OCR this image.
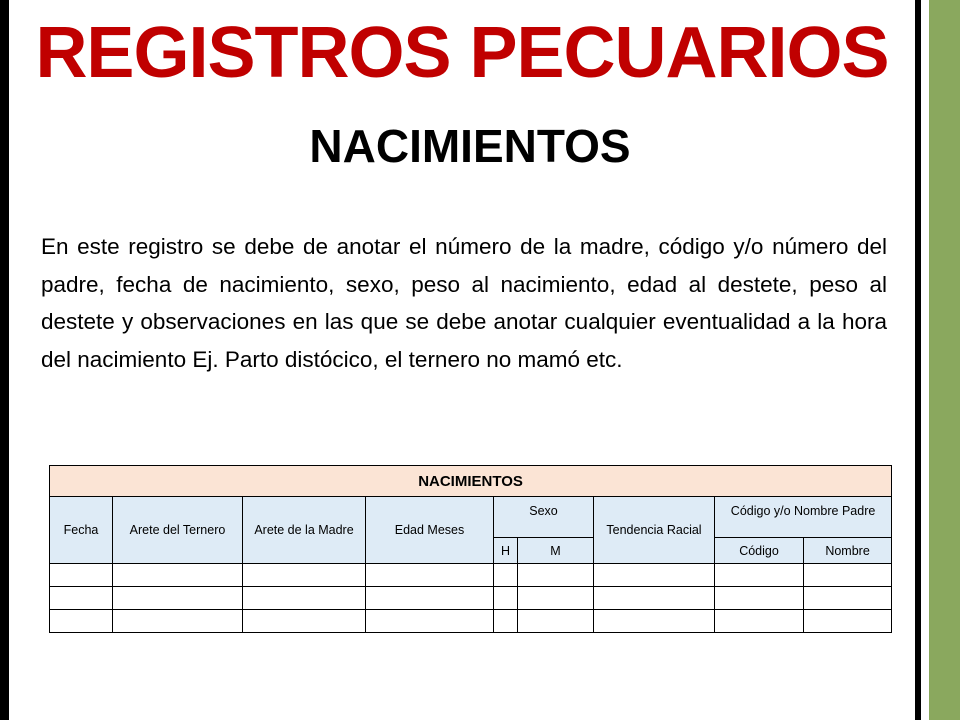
REGISTROS PECUARIOS
NACIMIENTOS

En este registro se debe de anotar el número de la madre, código y/o número del padre, fecha de nacimiento, sexo, peso al nacimiento, edad al destete, peso al destete y observaciones en las que se debe anotar cualquier eventualidad a la hora del nacimiento Ej. Parto distócico, el ternero no mamó etc.

NACIMIENTOS								
Fecha	Arete del Ternero	Arete de la Madre	Edad Meses	Sexo		Tendencia Racial	Código y/o Nombre Padre	
				H	M		Código	Nombre
